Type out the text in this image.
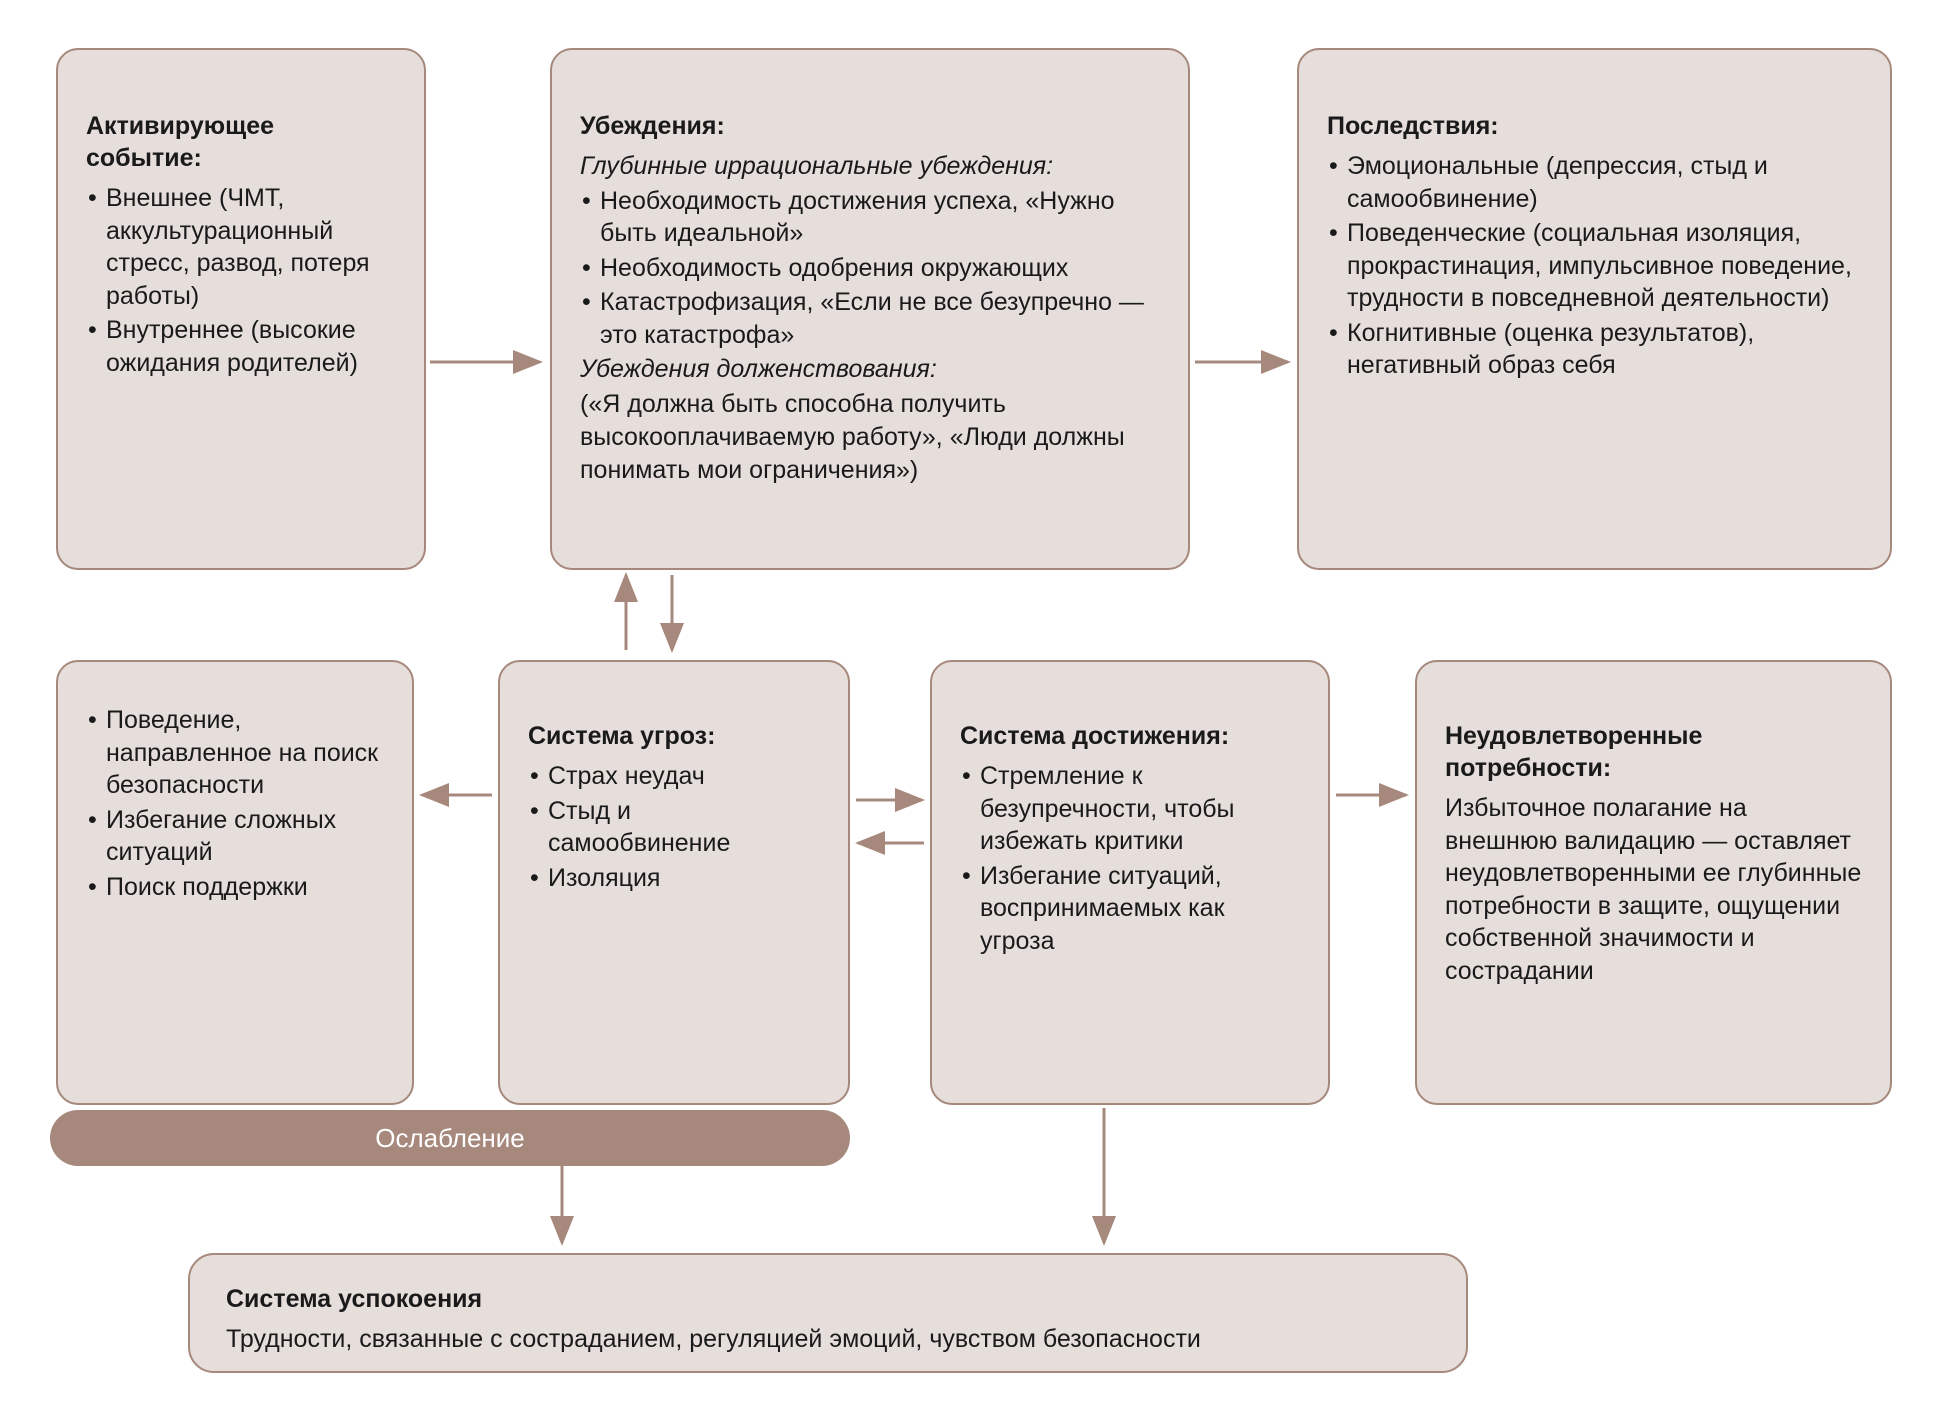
Активирующее
событие:
• Внешнее (ЧМТ, аккультурационный стресс, развод, потеря работы)
• Внутреннее (высокие ожидания родителей)
Убеждения:
Глубинные иррациональные убеждения:
• Необходимость достижения успеха, «Нужно быть идеальной»
• Необходимость одобрения окружающих
• Катастрофизация, «Если не все безупречно — это катастрофа»
Убеждения долженствования:

(«Я должна быть способна получить высокооплачиваемую работу», «Люди должны понимать мои ограничения»)

Последствия:
• Эмоциональные (депрессия, стыд и самообвинение)
• Поведенческие (социальная изоляция, прокрастинация, импульсивное поведение, трудности в повседневной деятельности)
• Когнитивные (оценка результатов), негативный образ себя
• Поведение, направленное на поиск безопасности
• Избегание сложных ситуаций
• Поиск поддержки
Система угроз:
• Страх неудач
• Стыд и самообвинение
• Изоляция
Система достижения:
• Стремление к безупречности, чтобы избежать критики
• Избегание ситуаций, воспринимаемых как угроза
Неудовлетворенные
потребности:

Избыточное полагание на внешнюю валидацию — оставляет неудовлетворенными ее глубинные потребности в защите, ощущении собственной значимости и сострадании

Ослабление
Система успокоения

Трудности, связанные с состраданием, регуляцией эмоций, чувством безопасности
